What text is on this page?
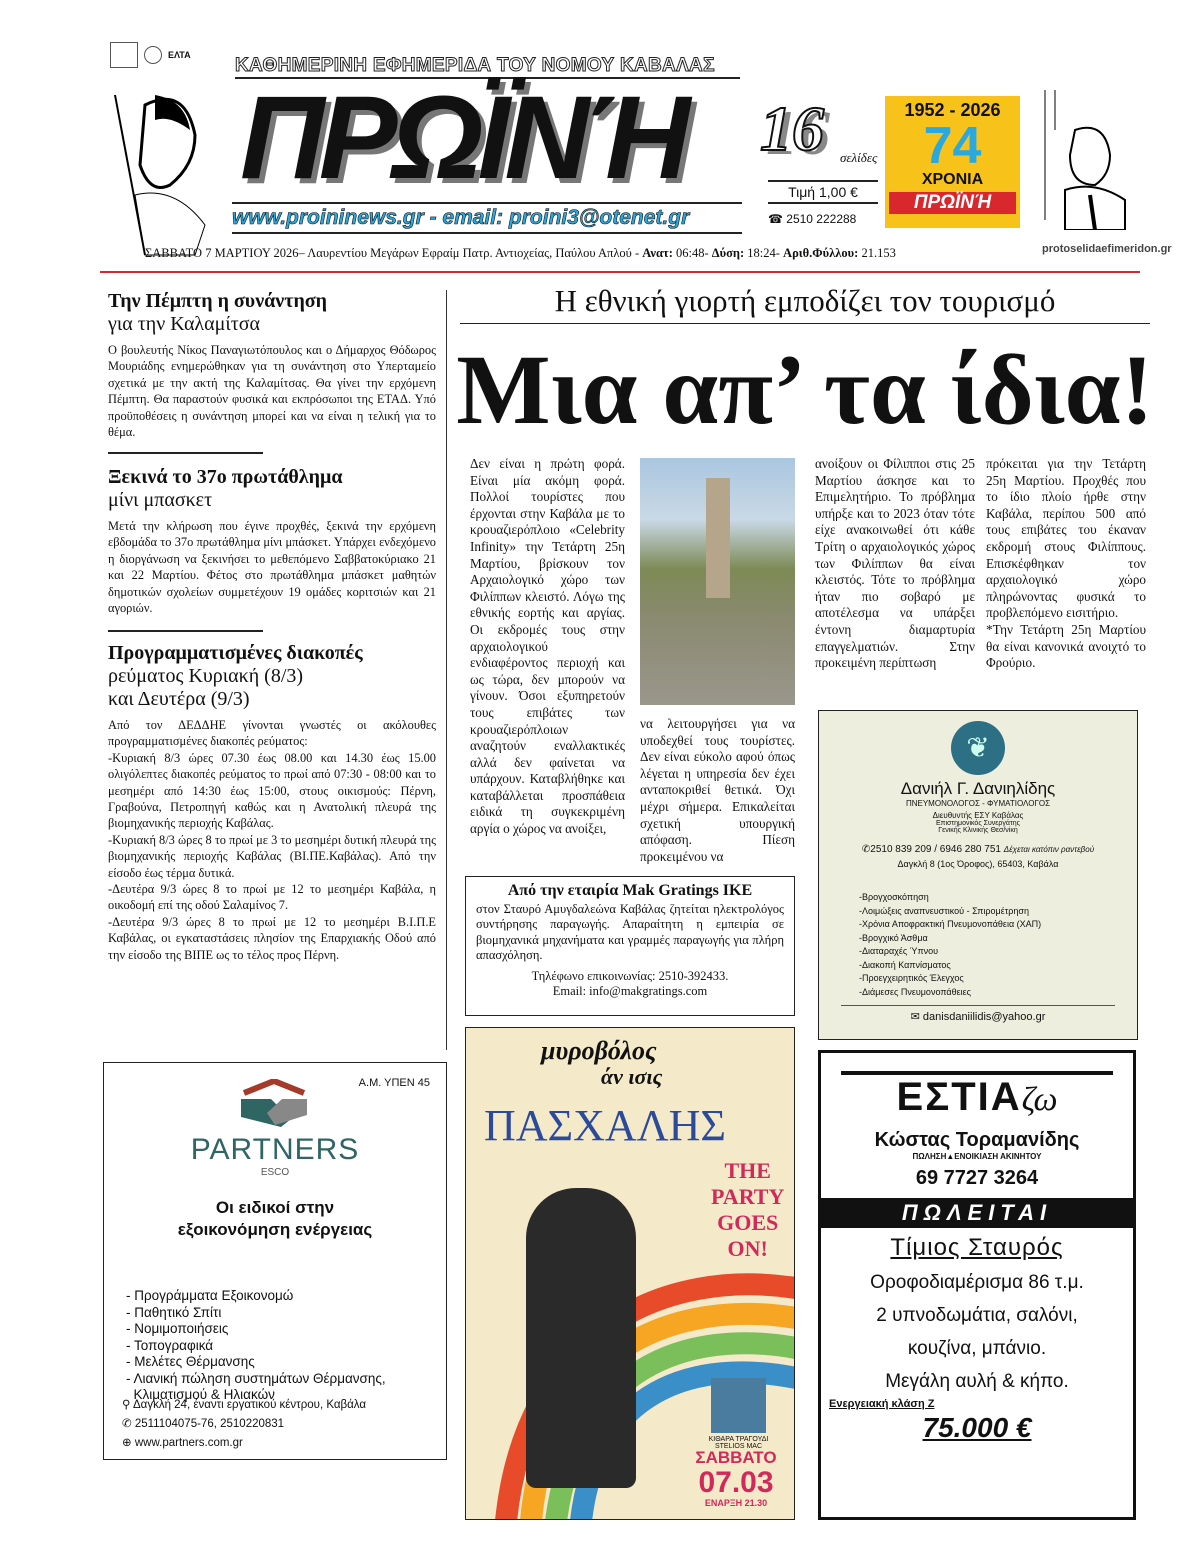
ΕΛΤΑ ΚΑΘΗΜΕΡΙΝΗ ΕΦΗΜΕΡΙΔΑ ΤΟΥ ΝΟΜΟΥ ΚΑΒΑΛΑΣ
ΠΡΩΪΝΉ
www.proininews.gr - email: proini3@otenet.gr
16 σελίδες
Τιμή 1,00 €
☎ 2510 222288
1952 - 2026
74
ΧΡΟΝΙΑ
ΠΡΩΪΝΉ
protoselidaefimeridon.gr
ΣΑΒΒΑΤΟ 7 ΜΑΡΤΙΟΥ 2026– Λαυρεντίου Μεγάρων Εφραίμ Πατρ. Αντιοχείας, Παύλου Απλού - Ανατ: 06:48- Δύση: 18:24- Αριθ.Φύλλου: 21.153
Την Πέμπτη η συνάντηση
για την Καλαμίτσα

Ο βουλευτής Νίκος Παναγιωτόπουλος και ο Δήμαρχος Θόδωρος Μουριάδης ενημερώθηκαν για τη συνάντηση στο Υπερταμείο σχετικά με την ακτή της Καλαμίτσας. Θα γίνει την ερχόμενη Πέμπτη. Θα παραστούν φυσικά και εκπρόσωποι της ΕΤΑΔ. Υπό προϋποθέσεις η συνάντηση μπορεί και να είναι η τελική για το θέμα.

Ξεκινά το 37ο πρωτάθλημα
μίνι μπασκετ

Μετά την κλήρωση που έγινε προχθές, ξεκινά την ερχόμενη εβδομάδα το 37ο πρωτάθλημα μίνι μπάσκετ. Υπάρχει ενδεχόμενο η διοργάνωση να ξεκινήσει το μεθεπόμενο Σαββατοκύριακο 21 και 22 Μαρτίου. Φέτος στο πρωτάθλημα μπάσκετ μαθητών δημοτικών σχολείων συμμετέχουν 19 ομάδες κοριτσιών και 21 αγοριών.

Προγραμματισμένες διακοπές
ρεύματος Κυριακή (8/3)
και Δευτέρα (9/3)

Από τον ΔΕΔΔΗΕ γίνονται γνωστές οι ακόλουθες προγραμματισμένες διακοπές ρεύματος:

-Κυριακή 8/3 ώρες 07.30 έως 08.00 και 14.30 έως 15.00 ολιγόλεπτες διακοπές ρεύματος το πρωί από 07:30 - 08:00 και το μεσημέρι από 14:30 έως 15:00, στους οικισμούς: Πέρνη, Γραβούνα, Πετροπηγή καθώς και η Ανατολική πλευρά της βιομηχανικής περιοχής Καβάλας.

-Κυριακή 8/3 ώρες 8 το πρωί με 3 το μεσημέρι δυτική πλευρά της βιομηχανικής περιοχής Καβάλας (ΒΙ.ΠΕ.Καβάλας). Από την είσοδο έως τέρμα δυτικά.

-Δευτέρα 9/3 ώρες 8 το πρωί με 12 το μεσημέρι Καβάλα, η οικοδομή επί της οδού Σαλαμίνος 7.

-Δευτέρα 9/3 ώρες 8 το πρωί με 12 το μεσημέρι Β.Ι.Π.Ε Καβάλας, οι εγκαταστάσεις πλησίον της Επαρχιακής Οδού από την είσοδο της ΒΙΠΕ ως το τέλος προς Πέρνη.

Η εθνική γιορτή εμποδίζει τον τουρισμό
Μια απ’ τα ίδια!
Δεν είναι η πρώτη φορά. Είναι μία ακόμη φορά. Πολλοί τουρίστες που έρχονται στην Καβάλα με το κρουαζιερόπλοιο «Celebrity Infinity» την Τετάρτη 25η Μαρτίου, βρίσκουν τον Αρχαιολογικό χώρο των Φιλίππων κλειστό. Λόγω της εθνικής εορτής και αργίας. Οι εκδρομές τους στην αρχαιολογικού ενδιαφέροντος περιοχή και ως τώρα, δεν μπορούν να γίνουν. Όσοι εξυπηρετούν τους επιβάτες των κρουαζιερόπλοιων αναζητούν εναλλακτικές αλλά δεν φαίνεται να υπάρχουν. Καταβλήθηκε και καταβάλλεται προσπάθεια ειδικά τη συγκεκριμένη αργία ο χώρος να ανοίξει,
να λειτουργήσει για να υποδεχθεί τους τουρίστες. Δεν είναι εύκολο αφού όπως λέγεται η υπηρεσία δεν έχει ανταποκριθεί θετικά. Όχι μέχρι σήμερα. Επικαλείται σχετική υπουργική απόφαση. Πίεση προκειμένου να
ανοίξουν οι Φίλιπποι στις 25 Μαρτίου άσκησε και το Επιμελητήριο. Το πρόβλημα υπήρξε και το 2023 όταν τότε είχε ανακοινωθεί ότι κάθε Τρίτη ο αρχαιολογικός χώρος των Φιλίππων θα είναι κλειστός. Τότε το πρόβλημα ήταν πιο σοβαρό με αποτέλεσμα να υπάρξει έντονη διαμαρτυρία επαγγελματιών. Στην προκειμένη περίπτωση
πρόκειται για την Τετάρτη 25η Μαρτίου. Προχθές που το ίδιο πλοίο ήρθε στην Καβάλα, περίπου 500 από τους επιβάτες του έκαναν εκδρομή στους Φιλίππους. Επισκέφθηκαν τον αρχαιολογικό χώρο πληρώνοντας φυσικά το προβλεπόμενο εισιτήριο.
*Την Τετάρτη 25η Μαρτίου θα είναι κανονικά ανοιχτό το Φρούριο.
Από την εταιρία Mak Gratings ΙΚΕ
στον Σταυρό Αμυγδαλεώνα Καβάλας ζητείται ηλεκτρολόγος συντήρησης παραγωγής. Απαραίτητη η εμπειρία σε βιομηχανικά μηχανήματα και γραμμές παραγωγής για πλήρη απασχόληση.
Τηλέφωνο επικοινωνίας: 2510-392433.
Email: info@makgratings.com
❦
Δανιήλ Γ. Δανιηλίδης
ΠΝΕΥΜΟΝΟΛΟΓΟΣ - ΦΥΜΑΤΙΟΛΟΓΟΣ
Διευθυντής ΕΣΥ Καβάλας
Επιστημονικός Συνεργάτης
Γενικής Κλινικής Θεσ/νίκη
✆2510 839 209 / 6946 280 751 Δέχεται κατόπιν ραντεβού
Δαγκλή 8 (1ος Όροφος), 65403, Καβάλα
-Βρογχοσκόπηση
-Λοιμώξεις αναπνευστικού - Σπιρομέτρηση
-Χρόνια Αποφρακτική Πνευμονοπάθεια (ΧΑΠ)
-Βρογχικό Άσθμα
-Διαταραχές Ύπνου
-Διακοπή Καπνίσματος
-Προεγχειρητικός Έλεγχος
-Διάμεσες Πνευμονοπάθειες
✉ danisdaniilidis@yahoo.gr
μυροβόλος
άν ισις
ΠΑΣΧΑΛΗΣ
THE
PARTY
GOES
ON!
ΚΙΘΑΡΑ ΤΡΑΓΟΥΔΙ
STELIOS MAC
ΣΑΒΒΑΤΟ
07.03
ΕΝΑΡΞΗ 21.30
ΕΣΤΙΑζω
Κώστας Τοραμανίδης
ΠΩΛΗΣΗ▲ΕΝΟΙΚΙΑΣΗ ΑΚΙΝΗΤΟΥ
69 7727 3264
ΠΩΛΕΙΤΑΙ
Τίμιος Σταυρός
Οροφοδιαμέρισμα 86 τ.μ.
2 υπνοδωμάτια, σαλόνι,
κουζίνα, μπάνιο.
Μεγάλη αυλή & κήπο.
Ενεργειακή κλάση Ζ
75.000 €
Α.Μ. ΥΠΕΝ 45
PARTNERS
ESCO
Οι ειδικοί στην
εξοικονόμηση ενέργειας

- Προγράμματα Εξοικονομώ
- Παθητικό Σπίτι
- Νομιμοποιήσεις
- Τοπογραφικά
- Μελέτες Θέρμανσης
- Λιανική πώληση συστημάτων Θέρμανσης,
Κλιματισμού & Ηλιακών

⚲ Δαγκλή 24, έναντι εργατικού κέντρου, Καβάλα
✆ 2511104075-76, 2510220831
⊕ www.partners.com.gr
